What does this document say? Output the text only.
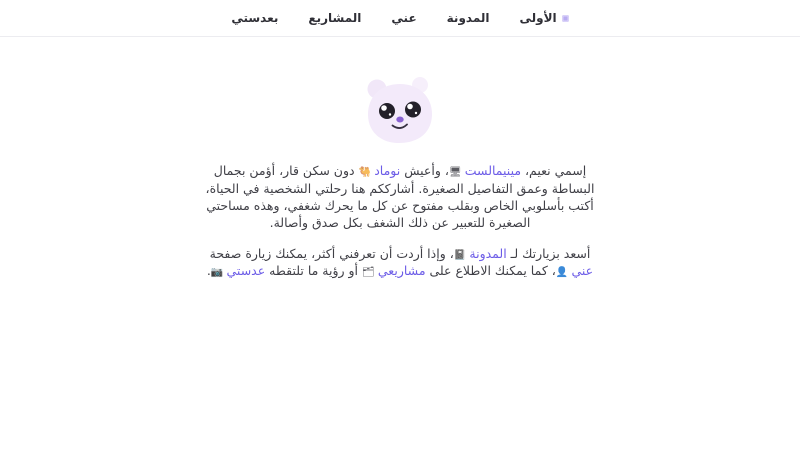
الأولى
المدونة
عني
المشاريع
بعدستي

إسمي نعيم، مينيمالست 🖥، وأعيش نوماد 🐫 دون سكن قار، أؤمن بجمال البساطة وعمق التفاصيل الصغيرة. أشارككم هنا رحلتي الشخصية في الحياة، أكتب بأسلوبي الخاص وبقلب مفتوح عن كل ما يحرك شغفي، وهذه مساحتي الصغيرة للتعبير عن ذلك الشغف بكل صدق وأصالة.

أسعد بزيارتك لـ المدونة 📓، وإذا أردت أن تعرفني أكثر، يمكنك زيارة صفحة عني 👤، كما يمكنك الاطلاع على مشاريعي 🗂 أو رؤية ما تلتقطه عدستي 📷.
